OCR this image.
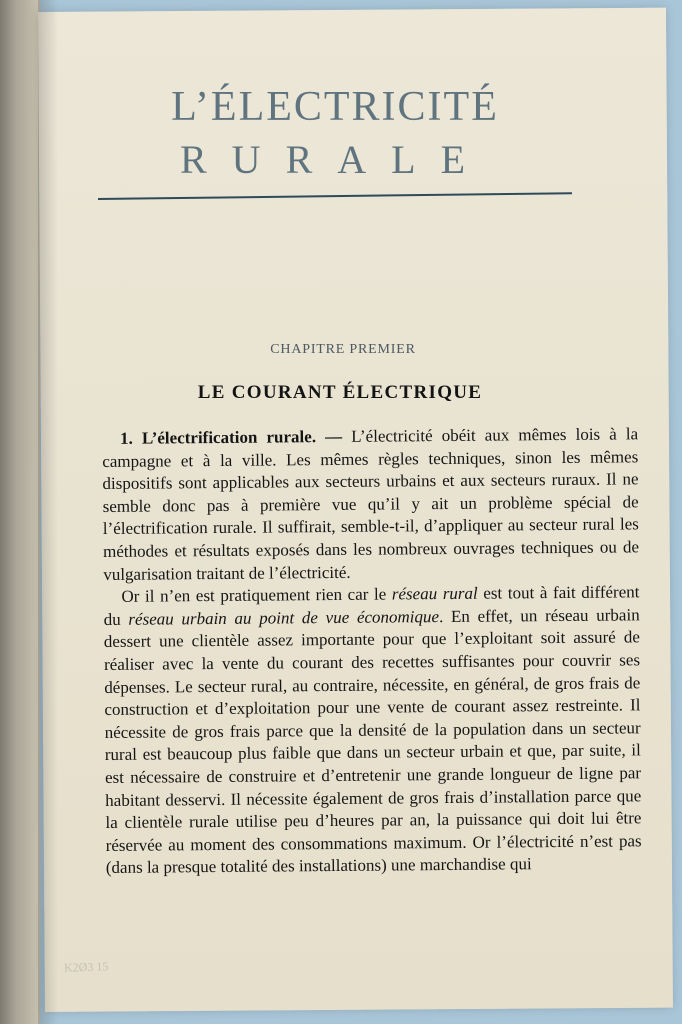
L’ÉLECTRICITÉ
RURALE
CHAPITRE PREMIER
LE COURANT ÉLECTRIQUE

1. L’électrification rurale. — L’électricité obéit aux mêmes lois à la campagne et à la ville. Les mêmes règles techniques, sinon les mêmes dispositifs sont applicables aux secteurs urbains et aux secteurs ruraux. Il ne semble donc pas à première vue qu’il y ait un problème spécial de l’électrification rurale. Il suffirait, semble-t-il, d’appliquer au secteur rural les méthodes et résultats exposés dans les nombreux ouvrages techniques ou de vulgarisation traitant de l’électricité.

Or il n’en est pratiquement rien car le réseau rural est tout à fait différent du réseau urbain au point de vue économique. En effet, un réseau urbain dessert une clientèle assez importante pour que l’exploitant soit assuré de réaliser avec la vente du courant des recettes suffisantes pour couvrir ses dépenses. Le secteur rural, au contraire, nécessite, en général, de gros frais de construction et d’exploitation pour une vente de courant assez restreinte. Il nécessite de gros frais parce que la densité de la population dans un secteur rural est beaucoup plus faible que dans un secteur urbain et que, par suite, il est nécessaire de construire et d’entretenir une grande longueur de ligne par habitant desservi. Il nécessite également de gros frais d’installation parce que la clientèle rurale utilise peu d’heures par an, la puissance qui doit lui être réservée au moment des consommations maximum. Or l’électricité n’est pas (dans la presque totalité des installations) une marchandise qui

K2Ø3 15
